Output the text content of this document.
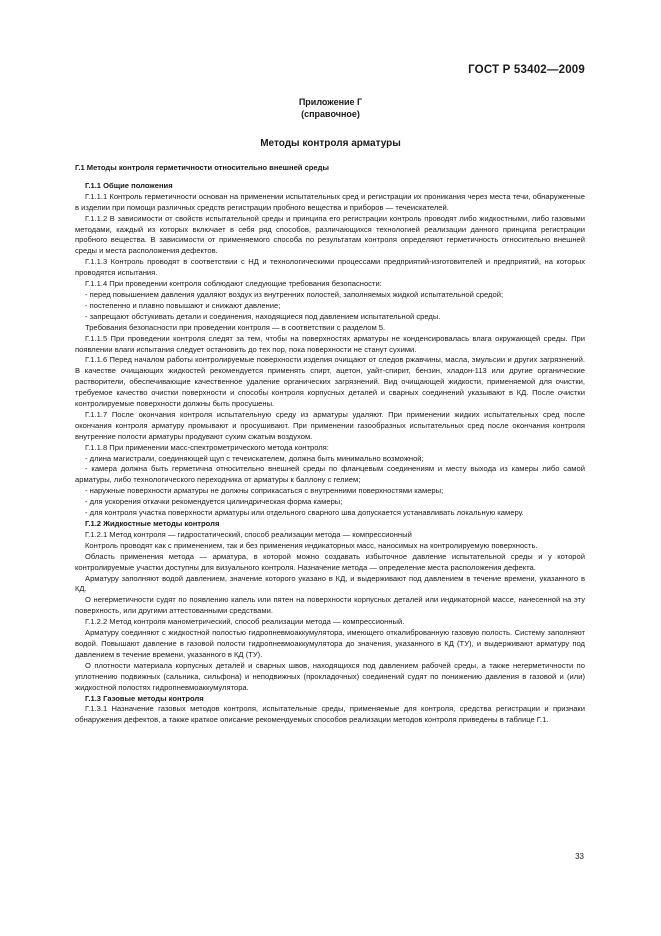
ГОСТ Р 53402—2009
Приложение Г
(справочное)
Методы контроля арматуры

Г.1 Методы контроля герметичности относительно внешней среды

Г.1.1 Общие положения

Г.1.1.1 Контроль герметичности основан на применении испытательных сред и регистрации их проникания через места течи, обнаруженные в изделии при помощи различных средств регистрации пробного вещества и приборов — течеискателей.

Г.1.1.2 В зависимости от свойств испытательной среды и принципа его регистрации контроль проводят либо жидкостными, либо газовыми методами, каждый из которых включает в себя ряд способов, различающихся технологией реализации данного принципа регистрации пробного вещества. В зависимости от применяемого способа по результатам контроля определяют герметичность относительно внешней среды и места расположения дефектов.

Г.1.1.3 Контроль проводят в соответствии с НД и технологическими процессами предприятий-изготовителей и предприятий, на которых проводятся испытания.

Г.1.1.4 При проведении контроля соблюдают следующие требования безопасности:

- перед повышением давления удаляют воздух из внутренних полостей, заполняемых жидкой испытательной средой;

- постепенно и плавно повышают и снижают давление;

- запрещают обстукивать детали и соединения, находящиеся под давлением испытательной среды.

Требования безопасности при проведении контроля — в соответствии с разделом 5.

Г.1.1.5 При проведении контроля следят за тем, чтобы на поверхностях арматуры не конденсировалась влага окружающей среды. При появлении влаги испытания следует остановить до тех пор, пока поверхности не станут сухими.

Г.1.1.6 Перед началом работы контролируемые поверхности изделия очищают от следов ржавчины, масла, эмульсии и других загрязнений. В качестве очищающих жидкостей рекомендуется применять спирт, ацетон, уайт-спирит, бензин, хладон-113 или другие органические растворители, обеспечивающие качественное удаление органических загрязнений. Вид очищающей жидкости, применяемой для очистки, требуемое качество очистки поверхности и способы контроля корпусных деталей и сварных соединений указывают в КД. После очистки контролируемые поверхности должны быть просушены.

Г.1.1.7 После окончания контроля испытательную среду из арматуры удаляют. При применении жидких испытательных сред после окончания контроля арматуру промывают и просушивают. При применении газообразных испытательных сред после окончания контроля внутренние полости арматуры продувают сухим сжатым воздухом.

Г.1.1.8 При применении масс-спектрометрического метода контроля:

- длина магистрали, соединяющей щуп с течеискателем, должна быть минимально возможной;

- камера должна быть герметична относительно внешней среды по фланцевым соединениям и месту выхода из камеры либо самой арматуры, либо технологического переходника от арматуры к баллону с гелием;

- наружные поверхности арматуры не должны соприкасаться с внутренними поверхностями камеры;

- для ускорения откачки рекомендуется цилиндрическая форма камеры;

- для контроля участка поверхности арматуры или отдельного сварного шва допускается устанавливать локальную камеру.

Г.1.2 Жидкостные методы контроля

Г.1.2.1 Метод контроля — гидростатический, способ реализации метода — компрессионный

Контроль проводят как с применением, так и без применения индикаторных масс, наносимых на контролируемую поверхность.

Область применения метода — арматура, в которой можно создавать избыточное давление испытательной среды и у которой контролируемые участки доступны для визуального контроля. Назначение метода — определение места расположения дефекта.

Арматуру заполняют водой давлением, значение которого указано в КД, и выдерживают под давлением в течение времени, указанного в КД.

О негерметичности судят по появлению капель или пятен на поверхности корпусных деталей или индикаторной массе, нанесенной на эту поверхность, или другими аттестованными средствами.

Г.1.2.2 Метод контроля манометрический, способ реализации метода — компрессионный.

Арматуру соединяют с жидкостной полостью гидропневмоаккумулятора, имеющего откалиброванную газовую полость. Систему заполняют водой. Повышают давление в газовой полости гидропневмоаккумулятора до значения, указанного в КД (ТУ), и выдерживают арматуру под давлением в течение времени, указанного в КД (ТУ).

О плотности материала корпусных деталей и сварных швов, находящихся под давлением рабочей среды, а также негерметичности по уплотнению подвижных (сальника, сильфона) и неподвижных (прокладочных) соединений судят по понижению давления в газовой и (или) жидкостной полостях гидропневмоаккумулятора.

Г.1.3 Газовые методы контроля

Г.1.3.1 Назначение газовых методов контроля, испытательные среды, применяемые для контроля, средства регистрации и признаки обнаружения дефектов, а также краткое описание рекомендуемых способов реализации методов контроля приведены в таблице Г.1.

33
